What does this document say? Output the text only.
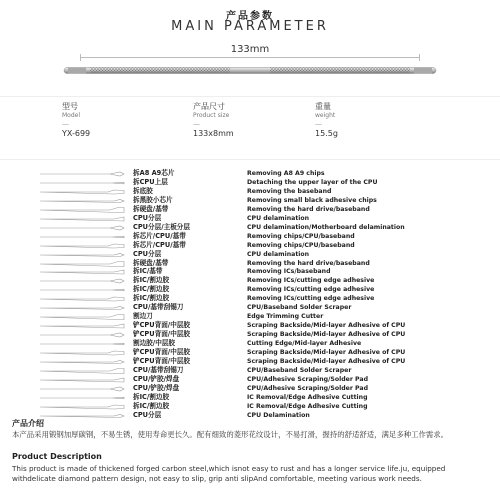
产品参数
MAIN PARAMETER
133mm
型号
Model
—
YX-699
产品尺寸
Product size
—
133x8mm
重量
weight
—
15.5g
拆A8 A9芯片	Removing A8 A9 chips
拆CPU上层	Detaching the upper layer of the CPU
拆底胶	Removing the baseband
拆黑胶小芯片	Removing small black adhesive chips
拆硬盘/基带	Removing the hard drive/baseband
CPU分层	CPU delamination
CPU分层/主板分层	CPU delamination/Motherboard delamination
拆芯片/CPU/基带	Removing chips/CPU/baseband
拆芯片/CPU/基带	Removing chips/CPU/baseband
CPU分层	CPU delamination
拆硬盘/基带	Removing the hard drive/baseband
拆IC/基带	Removing ICs/baseband
拆IC/割边胶	Removing ICs/cutting edge adhesive
拆IC/割边胶	Removing ICs/cutting edge adhesive
拆IC/割边胶	Removing ICs/cutting edge adhesive
CPU/基带刮锡刀	CPU/Baseband Solder Scraper
割边刀	Edge Trimming Cutter
铲CPU背面/中层胶	Scraping Backside/Mid-layer Adhesive of CPU
铲CPU背面/中层胶	Scraping Backside/Mid-layer Adhesive of CPU
割边胶/中层胶	Cutting Edge/Mid-layer Adhesive
铲CPU背面/中层胶	Scraping Backside/Mid-layer Adhesive of CPU
铲CPU背面/中层胶	Scraping Backside/Mid-layer Adhesive of CPU
CPU/基带刮锡刀	CPU/Baseband Solder Scraper
CPU/铲胶/焊盘	CPU/Adhesive Scraping/Solder Pad
CPU/铲胶/焊盘	CPU/Adhesive Scraping/Solder Pad
拆IC/割边胶	IC Removal/Edge Adhesive Cutting
拆IC/割边胶	IC Removal/Edge Adhesive Cutting
CPU分层	CPU Delamination
产品介绍
本产品采用锻钢加厚碳钢，不易生锈，使用寿命更长久。配有细致的菱形花纹设计，不易打滑，握持的舒适舒适，满足多种工作需求。
Product Description
This product is made of thickened forged carbon steel,which isnot easy to rust and has a longer service life.ju, equipped withdelicate diamond pattern design, not easy to slip, grip anti slipAnd comfortable, meeting various work needs.
